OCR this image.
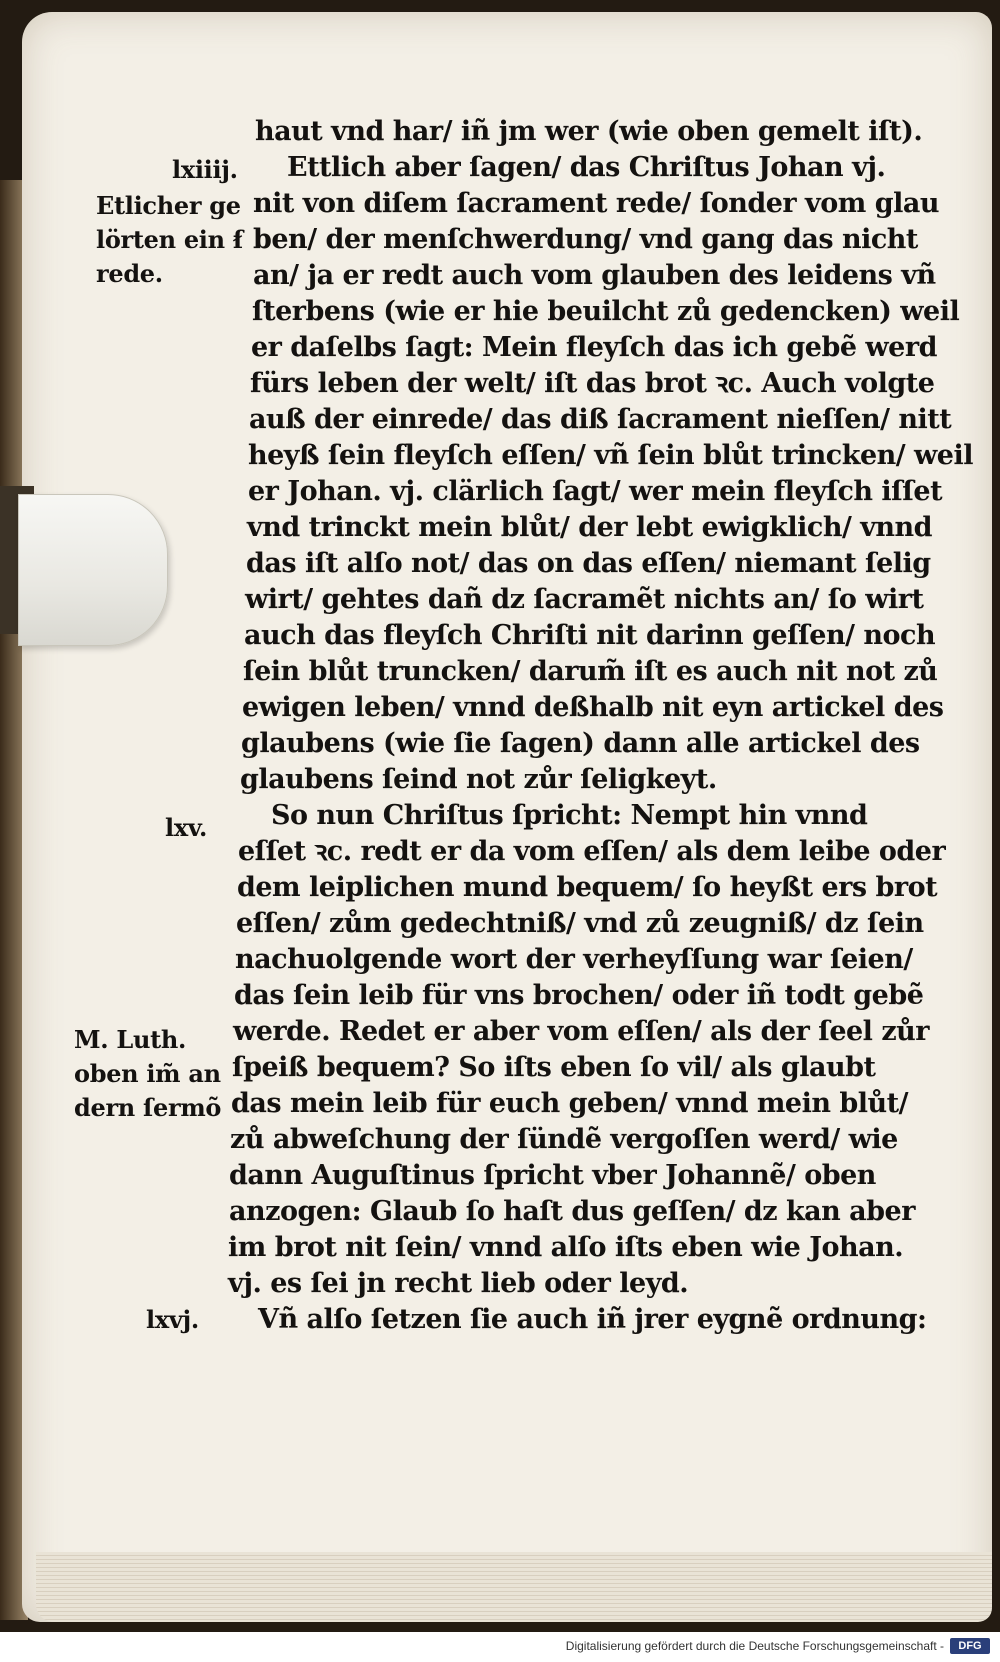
haut vnd har/ iñ jm wer (wie oben gemelt iſt).

Ettlich aber ſagen/ das Chriſtus Johan vj.

nit von diſem ſacrament rede/ ſonder vom glau

ben/ der menſchwerdung/ vnd gang das nicht

an/ ja er redt auch vom glauben des leidens vñ

ſterbens (wie er hie beuilcht zů gedencken) weil

er daſelbs ſagt: Mein fleyſch das ich gebẽ werd

fürs leben der welt/ iſt das brot ꝛc. Auch volgte

auß der einrede/ das diß ſacrament nieſſen/ nitt

heyß ſein fleyſch eſſen/ vñ ſein blůt trincken/ weil

er Johan. vj. clärlich ſagt/ wer mein fleyſch iſſet

vnd trinckt mein blůt/ der lebt ewigklich/ vnnd

das iſt alſo not/ das on das eſſen/ niemant ſelig

wirt/ gehtes dañ dz ſacramẽt nichts an/ ſo wirt

auch das fleyſch Chriſti nit darinn geſſen/ noch

ſein blůt truncken/ darum̃ iſt es auch nit not zů

ewigen leben/ vnnd deßhalb nit eyn artickel des

glaubens (wie ſie ſagen) dann alle artickel des

glaubens ſeind not zůr ſeligkeyt.

So nun Chriſtus ſpricht: Nempt hin vnnd

eſſet ꝛc. redt er da vom eſſen/ als dem leibe oder

dem leiplichen mund bequem/ ſo heyßt ers brot

eſſen/ zům gedechtniß/ vnd zů zeugniß/ dz ſein

nachuolgende wort der verheyſſung war ſeien/

das ſein leib für vns brochen/ oder iñ todt gebẽ

werde. Redet er aber vom eſſen/ als der ſeel zůr

ſpeiß bequem? So iſts eben ſo vil/ als glaubt

das mein leib für euch geben/ vnnd mein blůt/

zů abweſchung der ſündẽ vergoſſen werd/ wie

dann Auguſtinus ſpricht vber Johannẽ/ oben

anzogen: Glaub ſo haſt dus geſſen/ dz kan aber

im brot nit ſein/ vnnd alſo iſts eben wie Johan.

vj. es ſei jn recht lieb oder leyd.

Vñ alſo ſetzen ſie auch iñ jrer eygnẽ ordnung:

lxiiij.

Etlicher ge

lörten ein ẜ

rede.

lxv.

M. Luth.

oben im̃ an

dern ſermõ

lxvj.

Digitalisierung gefördert durch die Deutsche Forschungsgemeinschaft -	DFG
